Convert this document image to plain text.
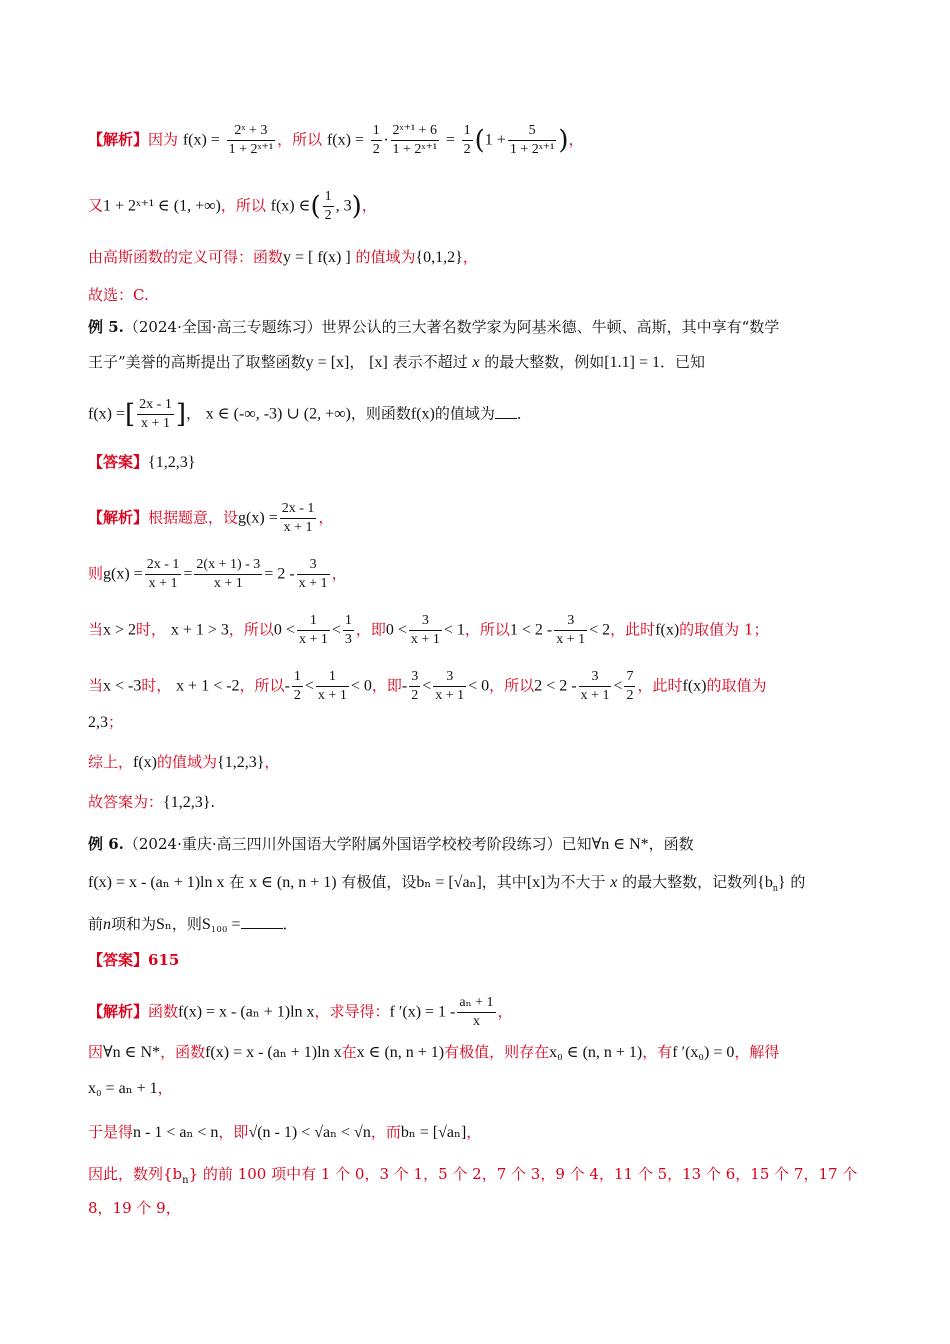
【解析】因为 $f(x) = \frac{\text{2ˣ + 3}}{\text{1 + 2ˣ⁺¹}}$ ，所以 $f(x) = \frac{1}{2} \cdot \frac{\text{2ˣ⁺¹ + 6}}{\text{1 + 2ˣ⁺¹}} = \frac{1}{2} (1 + \frac{5}{\text{1 + 2ˣ⁺¹}}$ )，
又1 + 2ˣ⁺¹ ∈ (1, +∞)，所以 f(x) ∈( $\frac{1}{2}$ , 3)，
由高斯函数的定义可得：函数y = [ f(x) ] 的值域为{0,1,2}，
故选：C.
例 5.（2024·全国·高三专题练习）世界公认的三大著名数学家为阿基米德、牛顿、高斯，其中享有“数学
王子”美誉的高斯提出了取整函数y = [x]， [x] 表示不超过 x 的最大整数，例如[1.1] = 1．已知
f(x) =[ $\frac{2x - 1}{x + 1}$ ]， x ∈ (-∞, -3) ∪ (2, +∞)，则函数f(x)的值域为 ．
【答案】{1,2,3}
【解析】根据题意，设$g(x) = \frac{2x - 1}{x + 1}$ ，
则$g(x) = \frac{2x - 1}{x + 1} = \frac{2(x + 1) - 3}{x + 1} = 2 - \frac{3}{x + 1}$ ，
当x > 2时， x + 1 > 3，所以$0 < \frac{1}{x + 1} < \frac{1}{3}$ ，即$0 < \frac{3}{x + 1} < 1$，所以$1 < 2 - \frac{3}{x + 1} < 2$，此时f(x)的取值为 1；
当x < -3时， x + 1 < -2，所以- $\frac{1}{2} < \frac{1}{x + 1} < 0$，即- $\frac{3}{2} < \frac{3}{x + 1} < 0$，所以$2 < 2 - \frac{3}{x + 1} < \frac{7}{2}$ ，此时f(x)的取值为
2,3；
综上，f(x)的值域为{1,2,3}，
故答案为：{1,2,3}.
例 6.（2024·重庆·高三四川外国语大学附属外国语学校校考阶段练习）已知∀n ∈ N*，函数
f(x) = x - (aₙ + 1)ln x 在 x ∈ (n, n + 1) 有极值，设bₙ = [√aₙ]，其中[x]为不大于 x 的最大整数，记数列$\{b_n\}$ 的
前n项和为Sₙ，则S₁₀₀ =	．
【答案】615
【解析】函数f(x) = x - (aₙ + 1)ln x，求导得：f $'(x) = 1 - \frac{\text{aₙ + 1}}{x}$ ，
因∀n ∈ N*，函数f(x) = x - (aₙ + 1)ln x在x ∈ (n, n + 1)有极值，则存在x₀ ∈ (n, n + 1)，有f ′(x₀) = 0，解得
x₀ = aₙ + 1，
于是得n - 1 < aₙ < n，即√(n - 1) < √aₙ < √n，而bₙ = [√aₙ]，
因此，数列$\{b_n\}$ 的前 100 项中有 1 个 0，3 个 1，5 个 2，7 个 3，9 个 4，11 个 5，13 个 6，15 个 7，17 个
8，19 个 9，
